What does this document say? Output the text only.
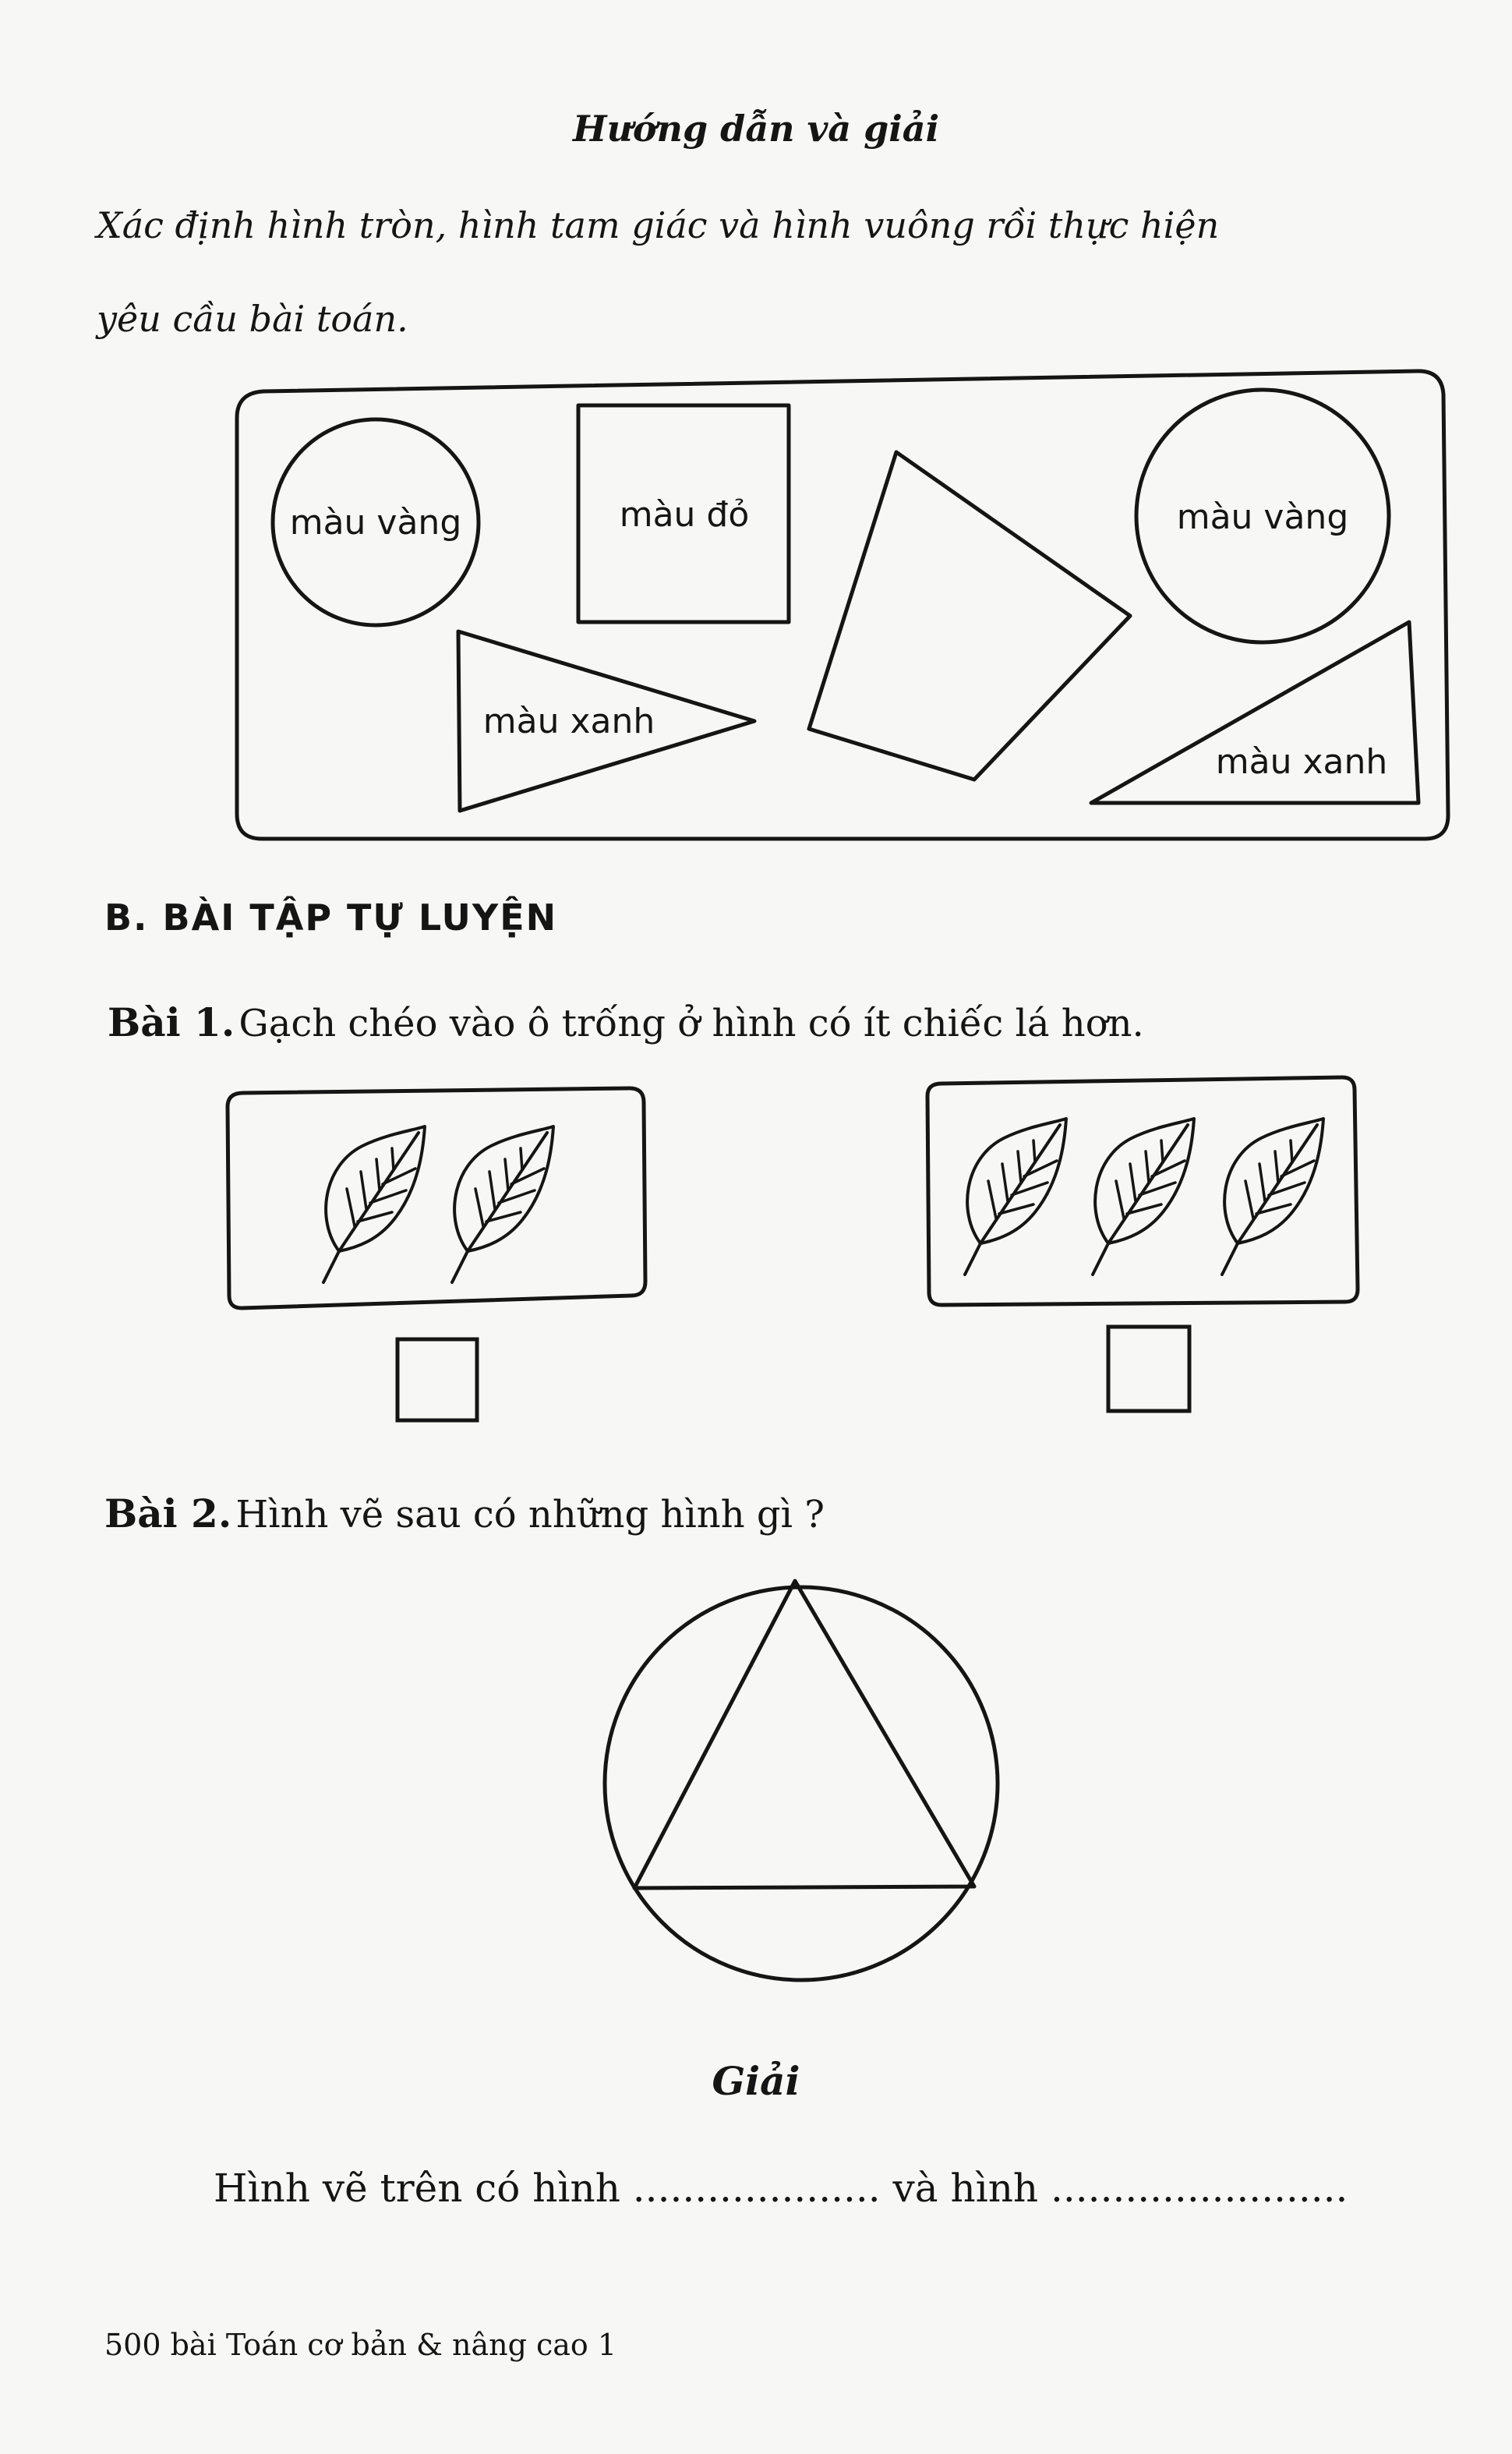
Hướng dẫn và giải
Xác định hình tròn, hình tam giác và hình vuông rồi thực hiện
yêu cầu bài toán.
màu vàng	màu đỏ	màu vàng
màu xanh
màu xanh
B. BÀI TẬP TỰ LUYỆN
Bài 1. Gạch chéo vào ô trống ở hình có ít chiếc lá hơn.
Bài 2. Hình vẽ sau có những hình gì ?
Giải
Hình vẽ trên có hình .................... và hình ........................
500 bài Toán cơ bản & nâng cao 1
